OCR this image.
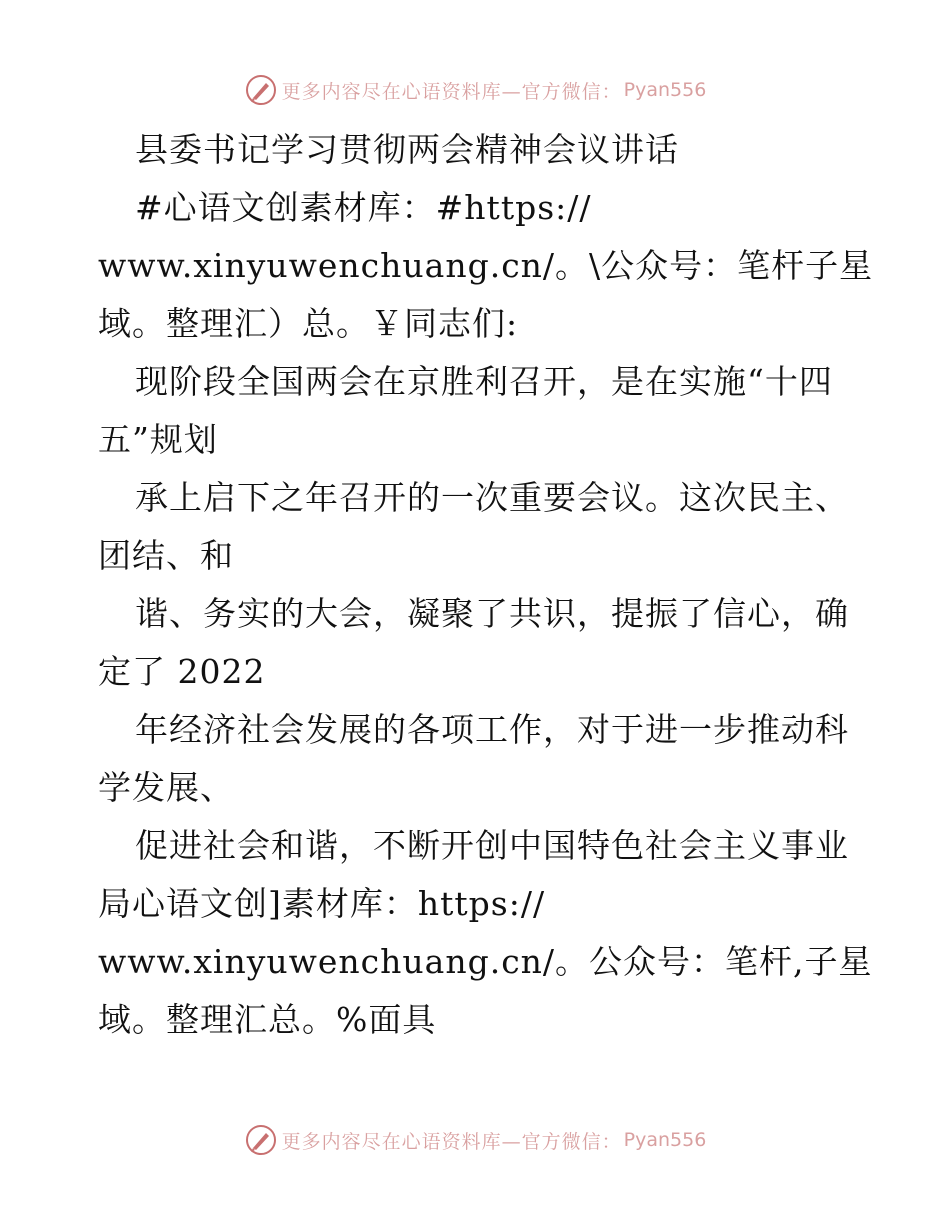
更多内容尽在心语资料库—官方微信： Pyan556
县委书记学习贯彻两会精神会议讲话
#心语文创素材库：#https://
www.xinyuwenchuang.cn/。\公众号：笔杆子星
域。整理汇）总。￥同志们:
现阶段全国两会在京胜利召开，是在实施“十四
五”规划
承上启下之年召开的一次重要会议。这次民主、
团结、和
谐、务实的大会，凝聚了共识，提振了信心，确
定了 2022
年经济社会发展的各项工作，对于进一步推动科
学发展、
促进社会和谐，不断开创中国特色社会主义事业
局心语文创]素材库：https://
www.xinyuwenchuang.cn/。公众号：笔杆,子星
域。整理汇总。%面具
更多内容尽在心语资料库—官方微信： Pyan556
